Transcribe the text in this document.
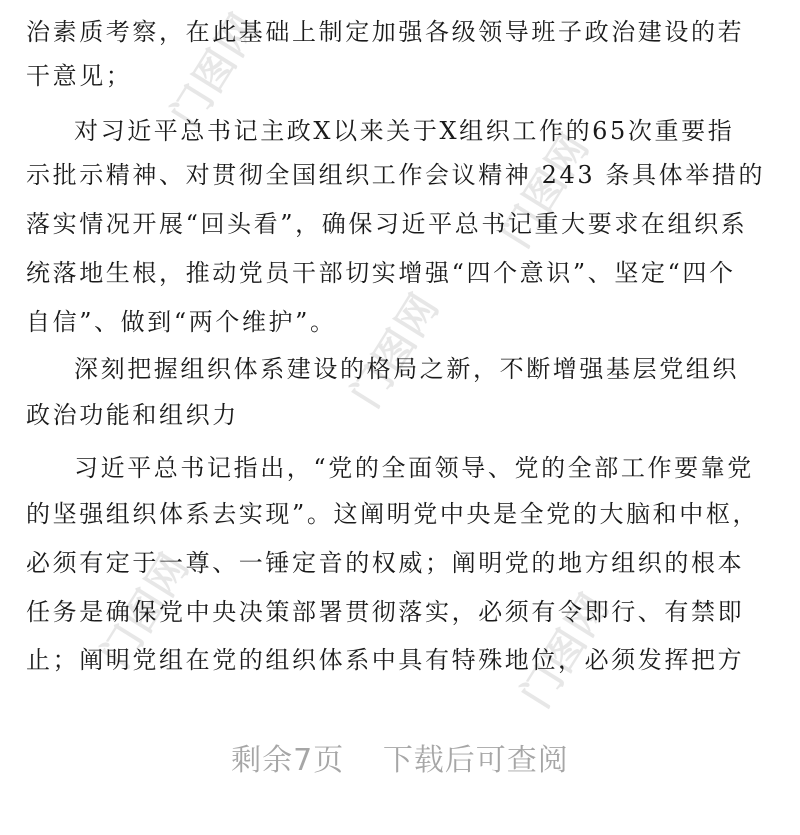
门图网
门图网
门图网
门图网	门图网
治素质考察，在此基础上制定加强各级领导班子政治建设的若
干意见；
对习近平总书记主政X以来关于X组织工作的65次重要指
示批示精神、对贯彻全国组织工作会议精神 243 条具体举措的
落实情况开展“回头看”，确保习近平总书记重大要求在组织系
统落地生根，推动党员干部切实增强“四个意识”、坚定“四个
自信”、做到“两个维护”。
深刻把握组织体系建设的格局之新，不断增强基层党组织
政治功能和组织力
习近平总书记指出，“党的全面领导、党的全部工作要靠党
的坚强组织体系去实现”。这阐明党中央是全党的大脑和中枢，
必须有定于一尊、一锤定音的权威；阐明党的地方组织的根本
任务是确保党中央决策部署贯彻落实，必须有令即行、有禁即
止；阐明党组在党的组织体系中具有特殊地位，必须发挥把方
剩余7页 下载后可查阅
